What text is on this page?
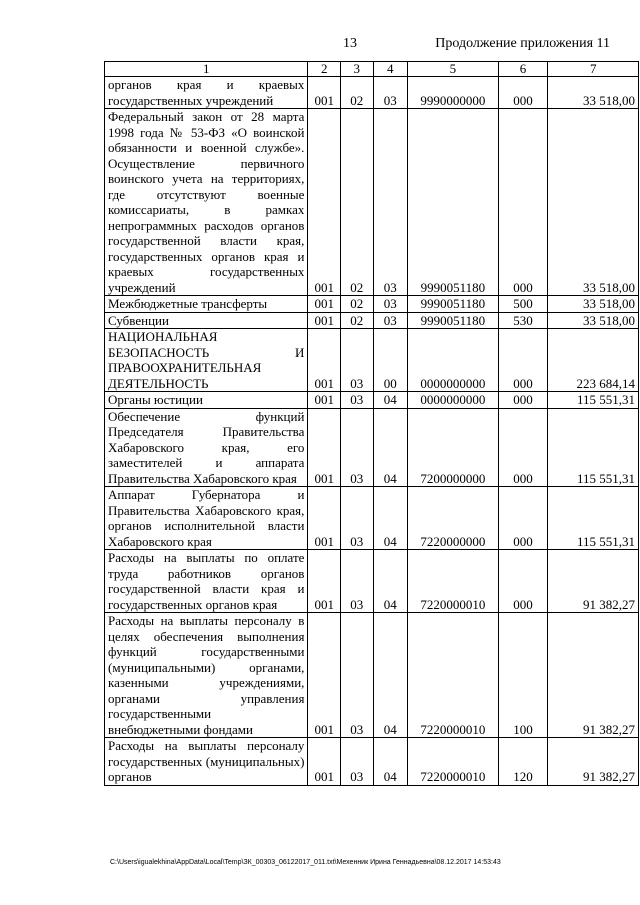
13	Продолжение приложения 11
1	2	3	4	5	6	7
органов края и краевых государственных учреждений	001	02	03	9990000000	000	33 518,00
Федеральный закон от 28 марта 1998 года № 53-ФЗ «О воинской обязанности и военной службе». Осуществление первичного воинского учета на территориях, где отсутствуют военные комиссариаты, в рамках непрограммных расходов органов государственной власти края, государственных органов края и краевых государственных учреждений	001	02	03	9990051180	000	33 518,00
Межбюджетные трансферты	001	02	03	9990051180	500	33 518,00
Субвенции	001	02	03	9990051180	530	33 518,00
НАЦИОНАЛЬНАЯ БЕЗОПАСНОСТЬ И ПРАВООХРАНИТЕЛЬНАЯ ДЕЯТЕЛЬНОСТЬ	001	03	00	0000000000	000	223 684,14
Органы юстиции	001	03	04	0000000000	000	115 551,31
Обеспечение функций Председателя Правительства Хабаровского края, его заместителей и аппарата Правительства Хабаровского края	001	03	04	7200000000	000	115 551,31
Аппарат Губернатора и Правительства Хабаровского края, органов исполнительной власти Хабаровского края	001	03	04	7220000000	000	115 551,31
Расходы на выплаты по оплате труда работников органов государственной власти края и государственных органов края	001	03	04	7220000010	000	91 382,27
Расходы на выплаты персоналу в целях обеспечения выполнения функций государственными (муниципальными) органами, казенными учреждениями, органами управления государственными внебюджетными фондами	001	03	04	7220000010	100	91 382,27
Расходы на выплаты персоналу государственных (муниципальных) органов	001	03	04	7220000010	120	91 382,27
C:\Users\igualekhina\AppData\Local\Temp\ЗК_00303_06122017_011.txt\Мехенник Ирина Геннадьевна\08.12.2017 14:53:43
